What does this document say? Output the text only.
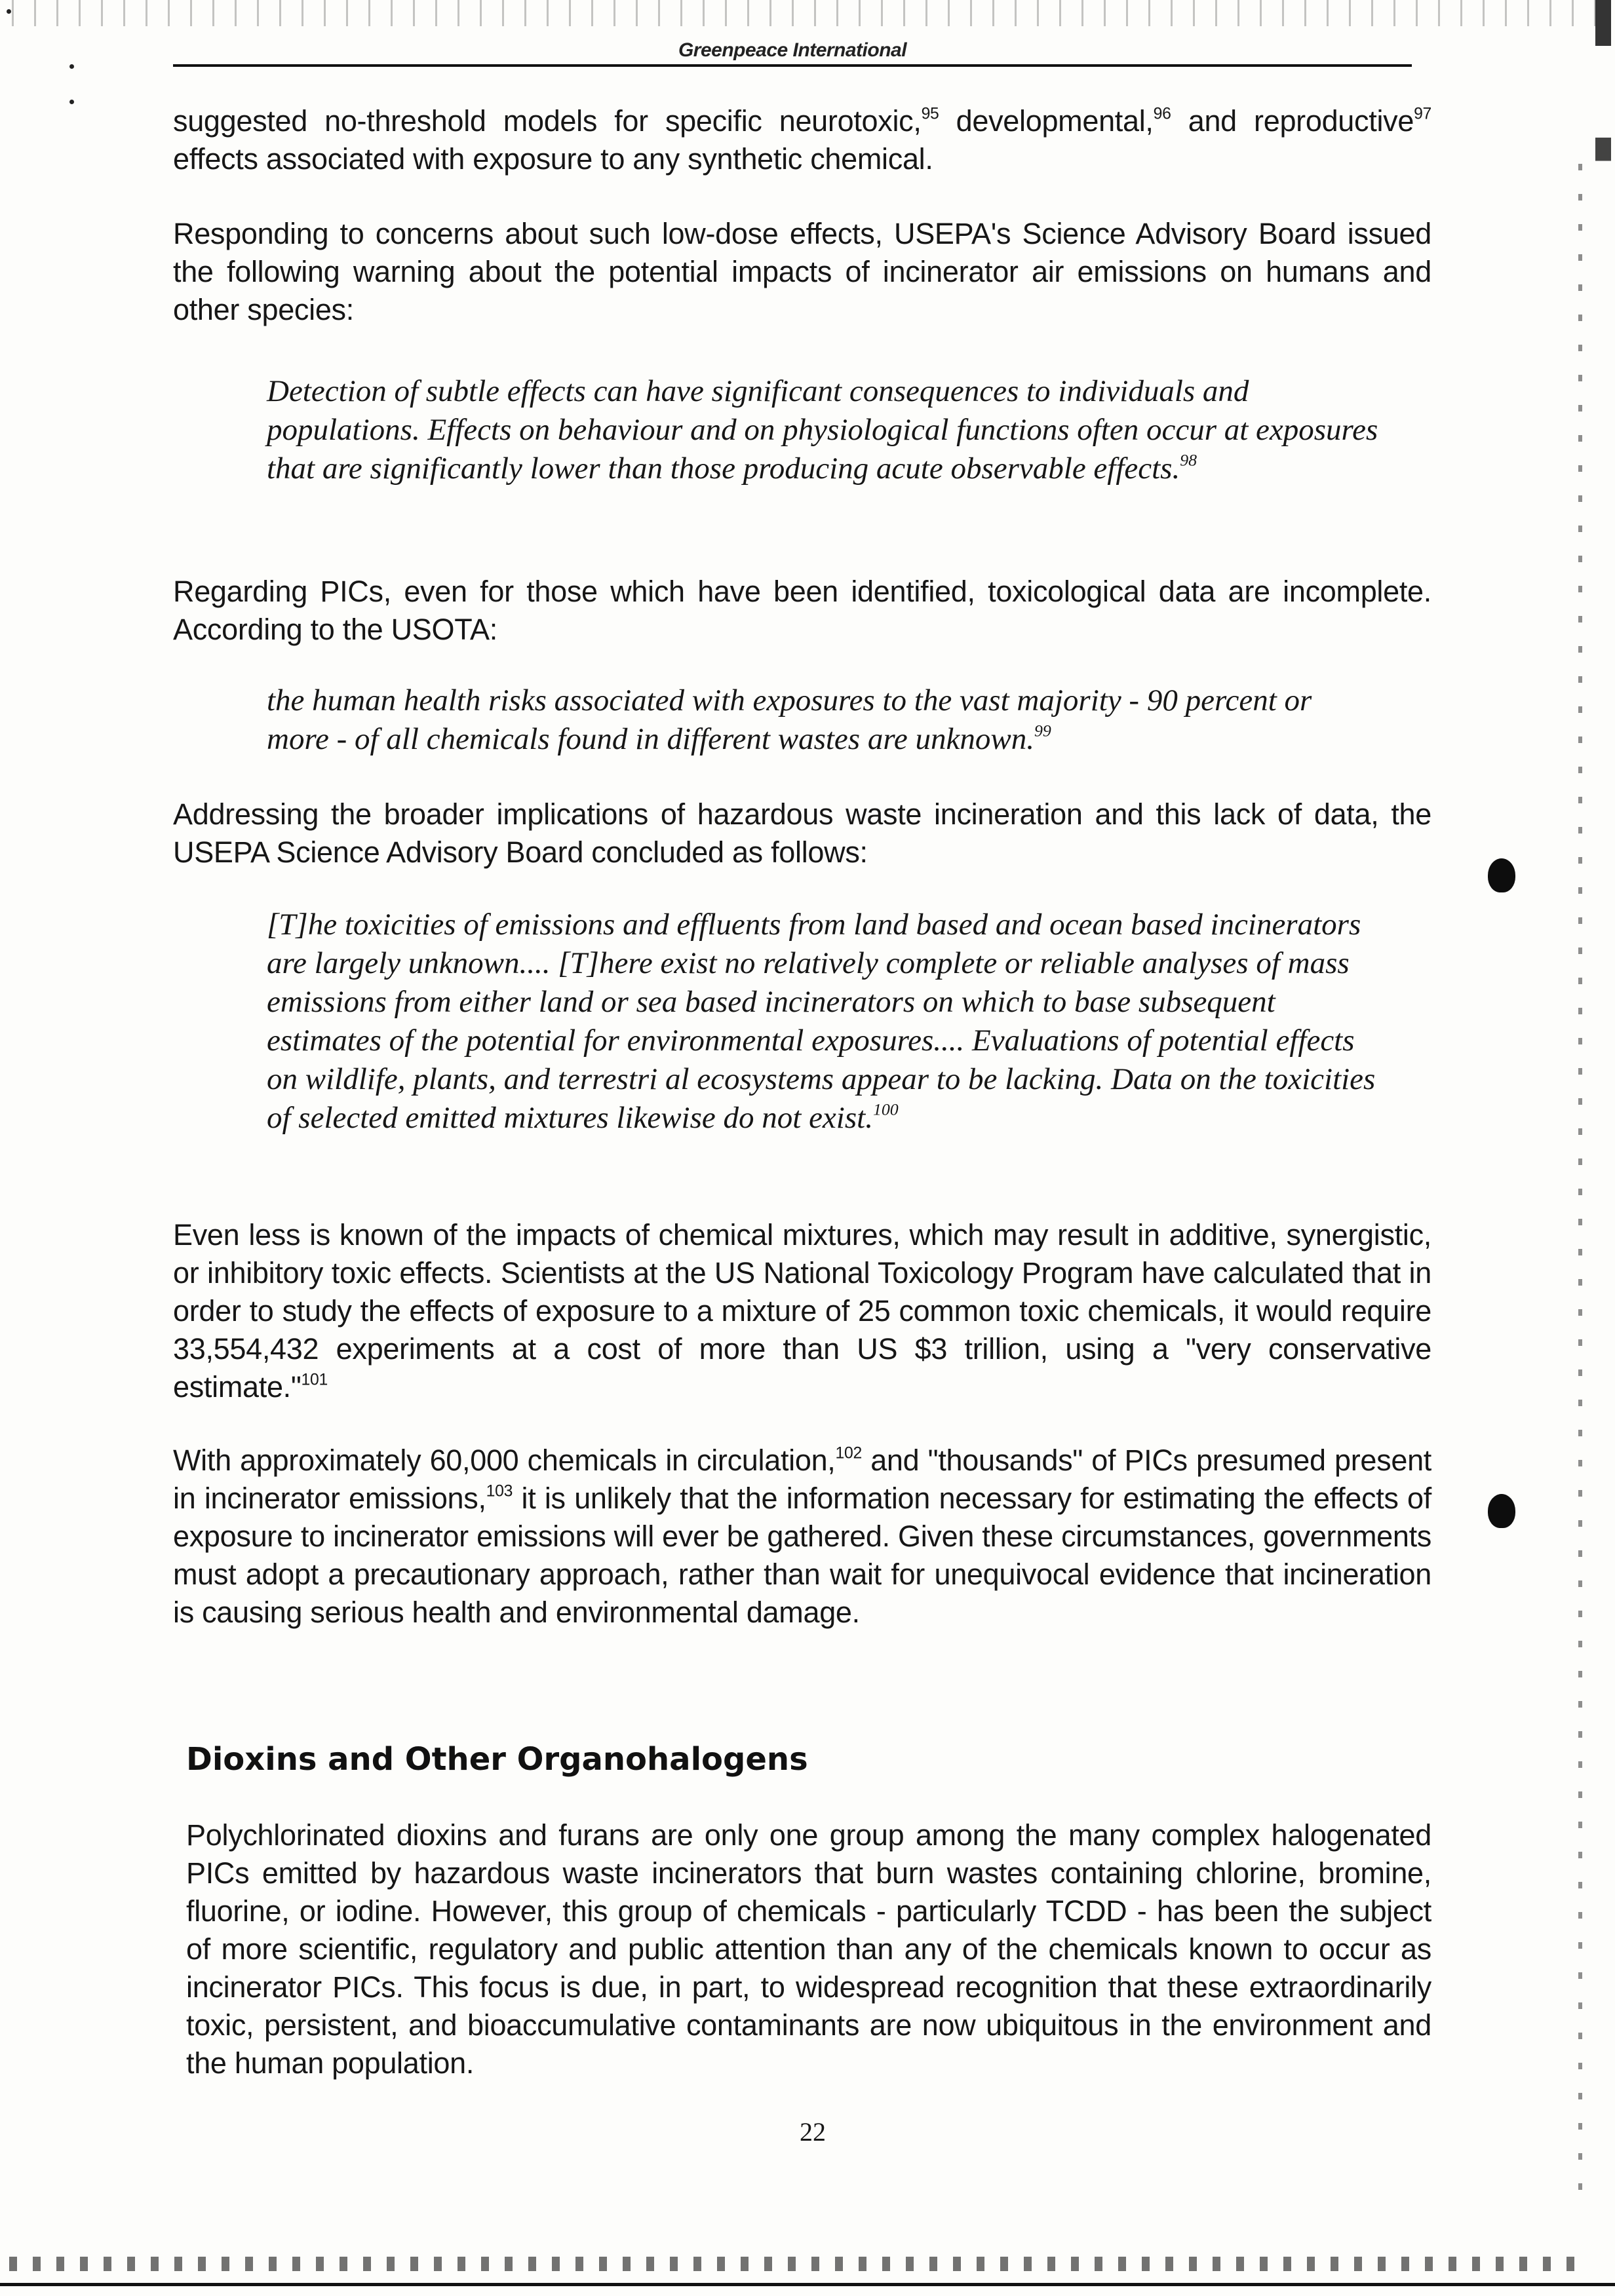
Greenpeace International

suggested no-threshold models for specific neurotoxic,$^{95}$ developmental,$^{96}$ and reproductive$^{97}$ effects associated with exposure to any synthetic chemical.

Responding to concerns about such low-dose effects, USEPA's Science Advisory Board issued the following warning about the potential impacts of incinerator air emissions on humans and other species:

Detection of subtle effects can have significant consequences to individuals and populations. Effects on behaviour and on physiological functions often occur at exposures that are significantly lower than those producing acute observable effects.$^{98}$

Regarding PICs, even for those which have been identified, toxicological data are incomplete. According to the USOTA:

the human health risks associated with exposures to the vast majority - 90 percent or more - of all chemicals found in different wastes are unknown.$^{99}$

Addressing the broader implications of hazardous waste incineration and this lack of data, the USEPA Science Advisory Board concluded as follows:

[T]he toxicities of emissions and effluents from land based and ocean based incinerators are largely unknown.... [T]here exist no relatively complete or reliable analyses of mass emissions from either land or sea based incinerators on which to base subsequent estimates of the potential for environmental exposures.... Evaluations of potential effects on wildlife, plants, and terrestri al ecosystems appear to be lacking. Data on the toxicities of selected emitted mixtures likewise do not exist.$^{100}$

Even less is known of the impacts of chemical mixtures, which may result in additive, synergistic, or inhibitory toxic effects. Scientists at the US National Toxicology Program have calculated that in order to study the effects of exposure to a mixture of 25 common toxic chemicals, it would require 33,554,432 experiments at a cost of more than US $3 trillion, using a "very conservative estimate."$^{101}$

With approximately 60,000 chemicals in circulation,$^{102}$ and "thousands" of PICs presumed present in incinerator emissions,$^{103}$ it is unlikely that the information necessary for estimating the effects of exposure to incinerator emissions will ever be gathered. Given these circumstances, governments must adopt a precautionary approach, rather than wait for unequivocal evidence that incineration is causing serious health and environmental damage.

Dioxins and Other Organohalogens

Polychlorinated dioxins and furans are only one group among the many complex halogenated PICs emitted by hazardous waste incinerators that burn wastes containing chlorine, bromine, fluorine, or iodine. However, this group of chemicals - particularly TCDD - has been the subject of more scientific, regulatory and public attention than any of the chemicals known to occur as incinerator PICs. This focus is due, in part, to widespread recognition that these extraordinarily toxic, persistent, and bioaccumulative contaminants are now ubiquitous in the environment and the human population.

22
